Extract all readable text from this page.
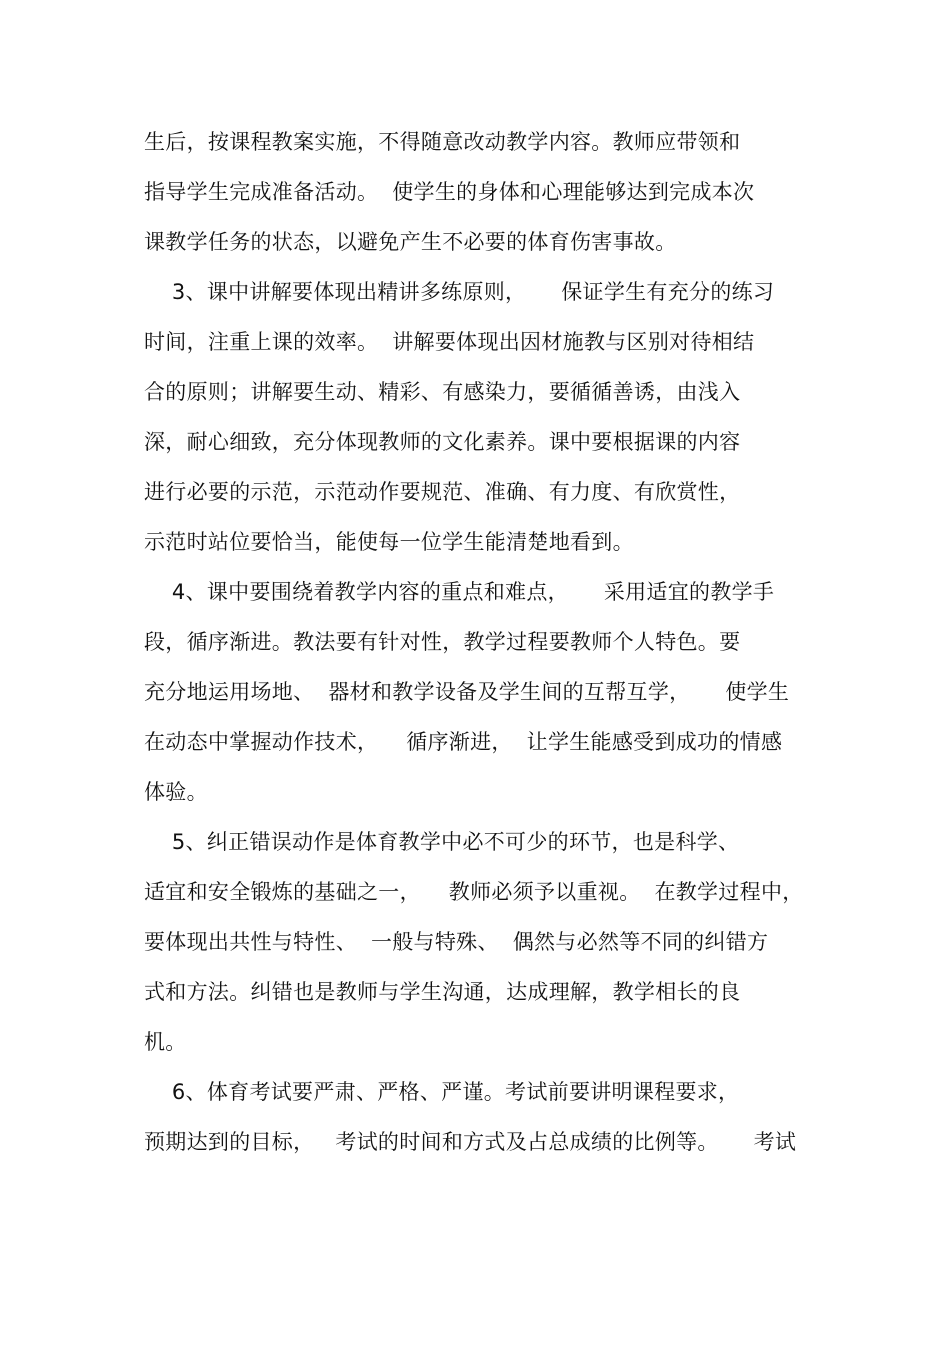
生后，按课程教案实施，不得随意改动教学内容。教师应带领和
指导学生完成准备活动。  使学生的身体和心理能够达到完成本次
课教学任务的状态，以避免产生不必要的体育伤害事故。
3、课中讲解要体现出精讲多练原则，     保证学生有充分的练习
时间，注重上课的效率。  讲解要体现出因材施教与区别对待相结
合的原则；讲解要生动、精彩、有感染力，要循循善诱，由浅入
深，耐心细致，充分体现教师的文化素养。课中要根据课的内容
进行必要的示范，示范动作要规范、准确、有力度、有欣赏性，
示范时站位要恰当，能使每一位学生能清楚地看到。
4、课中要围绕着教学内容的重点和难点，     采用适宜的教学手
段，循序渐进。教法要有针对性，教学过程要教师个人特色。要
充分地运用场地、  器材和教学设备及学生间的互帮互学，     使学生
在动态中掌握动作技术，    循序渐进，  让学生能感受到成功的情感
体验。
5、纠正错误动作是体育教学中必不可少的环节，也是科学、
适宜和安全锻炼的基础之一，    教师必须予以重视。  在教学过程中，
要体现出共性与特性、  一般与特殊、  偶然与必然等不同的纠错方
式和方法。纠错也是教师与学生沟通，达成理解，教学相长的良
机。
6、体育考试要严肃、严格、严谨。考试前要讲明课程要求，
预期达到的目标，   考试的时间和方式及占总成绩的比例等。     考试
